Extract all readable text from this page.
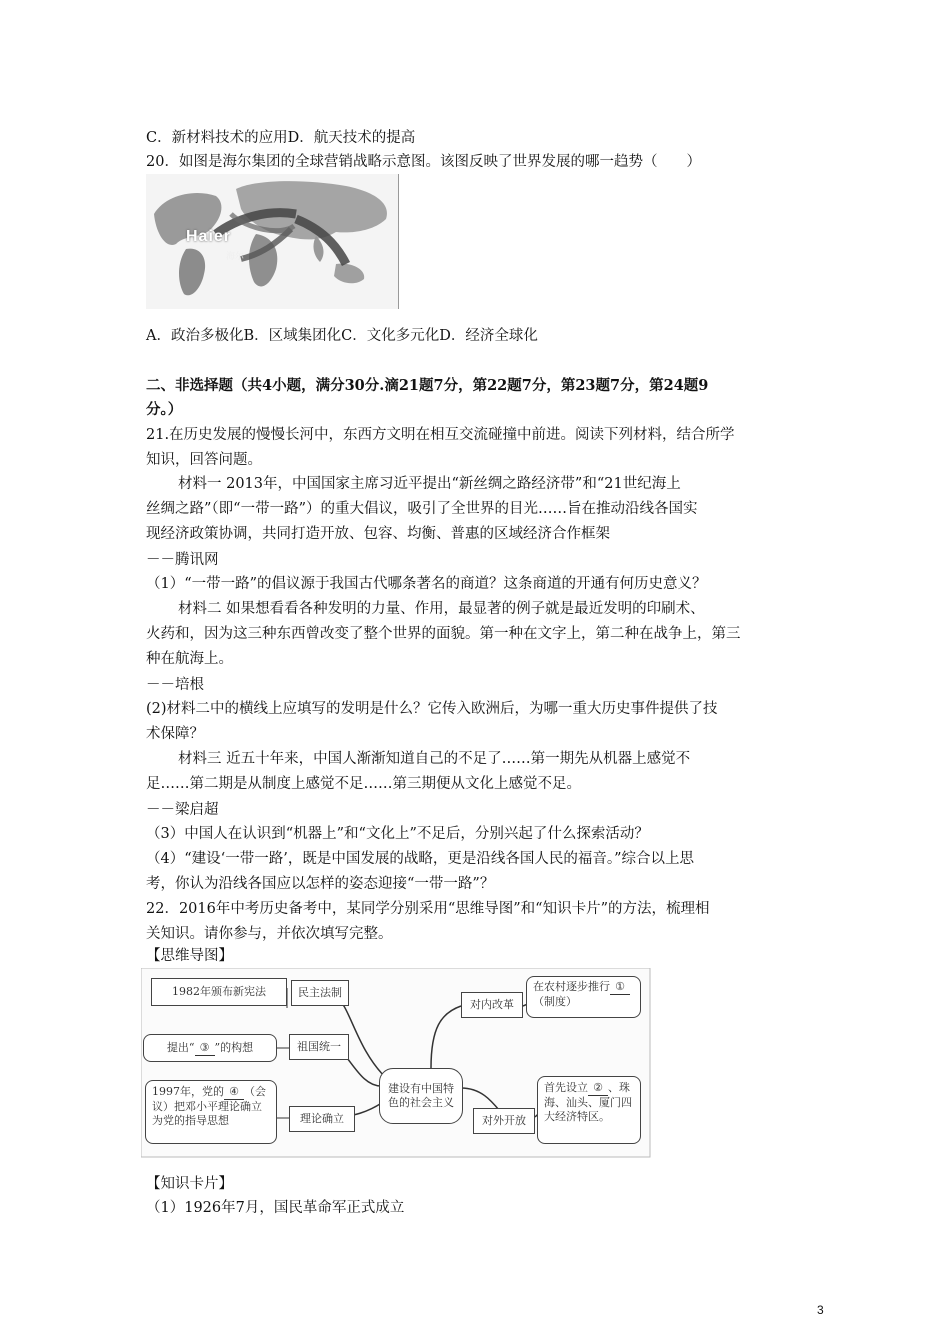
C．新材料技术的应用D．航天技术的提高
20．如图是海尔集团的全球营销战略示意图。该图反映了世界发展的哪一趋势（　　）
Haier
海尔
A．政治多极化B．区域集团化C．文化多元化D．经济全球化
二、非选择题（共4小题，满分30分.滴21题7分，第22题7分，第23题7分，第24题9
分。）
21.在历史发展的慢慢长河中，东西方文明在相互交流碰撞中前进。阅读下列材料，结合所学
知识，回答问题。
材料一 2013年，中国国家主席习近平提出“新丝绸之路经济带”和“21世纪海上
丝绸之路”（即“一带一路”）的重大倡议，吸引了全世界的目光……旨在推动沿线各国实
现经济政策协调，共同打造开放、包容、均衡、普惠的区域经济合作框架
－－腾讯网
（1）“一带一路”的倡议源于我国古代哪条著名的商道？这条商道的开通有何历史意义？
材料二 如果想看看各种发明的力量、作用，最显著的例子就是最近发明的印刷术、
火药和，因为这三种东西曾改变了整个世界的面貌。第一种在文字上，第二种在战争上，第三
种在航海上。
－－培根
(2)材料二中的横线上应填写的发明是什么？它传入欧洲后，为哪一重大历史事件提供了技
术保障？
材料三 近五十年来，中国人渐渐知道自己的不足了……第一期先从机器上感觉不
足……第二期是从制度上感觉不足……第三期便从文化上感觉不足。
－－梁启超
（3）中国人在认识到“机器上”和“文化上”不足后，分别兴起了什么探索活动？
（4）“建设‘一带一路’，既是中国发展的战略，更是沿线各国人民的福音。”综合以上思
考，你认为沿线各国应以怎样的姿态迎接“一带一路”？
22．2016年中考历史备考中，某同学分别采用“思维导图”和“知识卡片”的方法，梳理相
关知识。请你参与，并依次填写完整。
【思维导图】
1982年颁布新宪法	民主法制
提出“ ③ ”的构想	祖国统一
1997年，党的 ④ （会议）把邓小平理论确立为党的指导思想	理论确立
建设有中国特色的社会主义
对内改革
在农村逐步推行 ①（制度）
对外开放
首先设立 ② 、珠海、汕头、厦门四大经济特区。
【知识卡片】
（1）1926年7月，国民革命军正式成立
3
